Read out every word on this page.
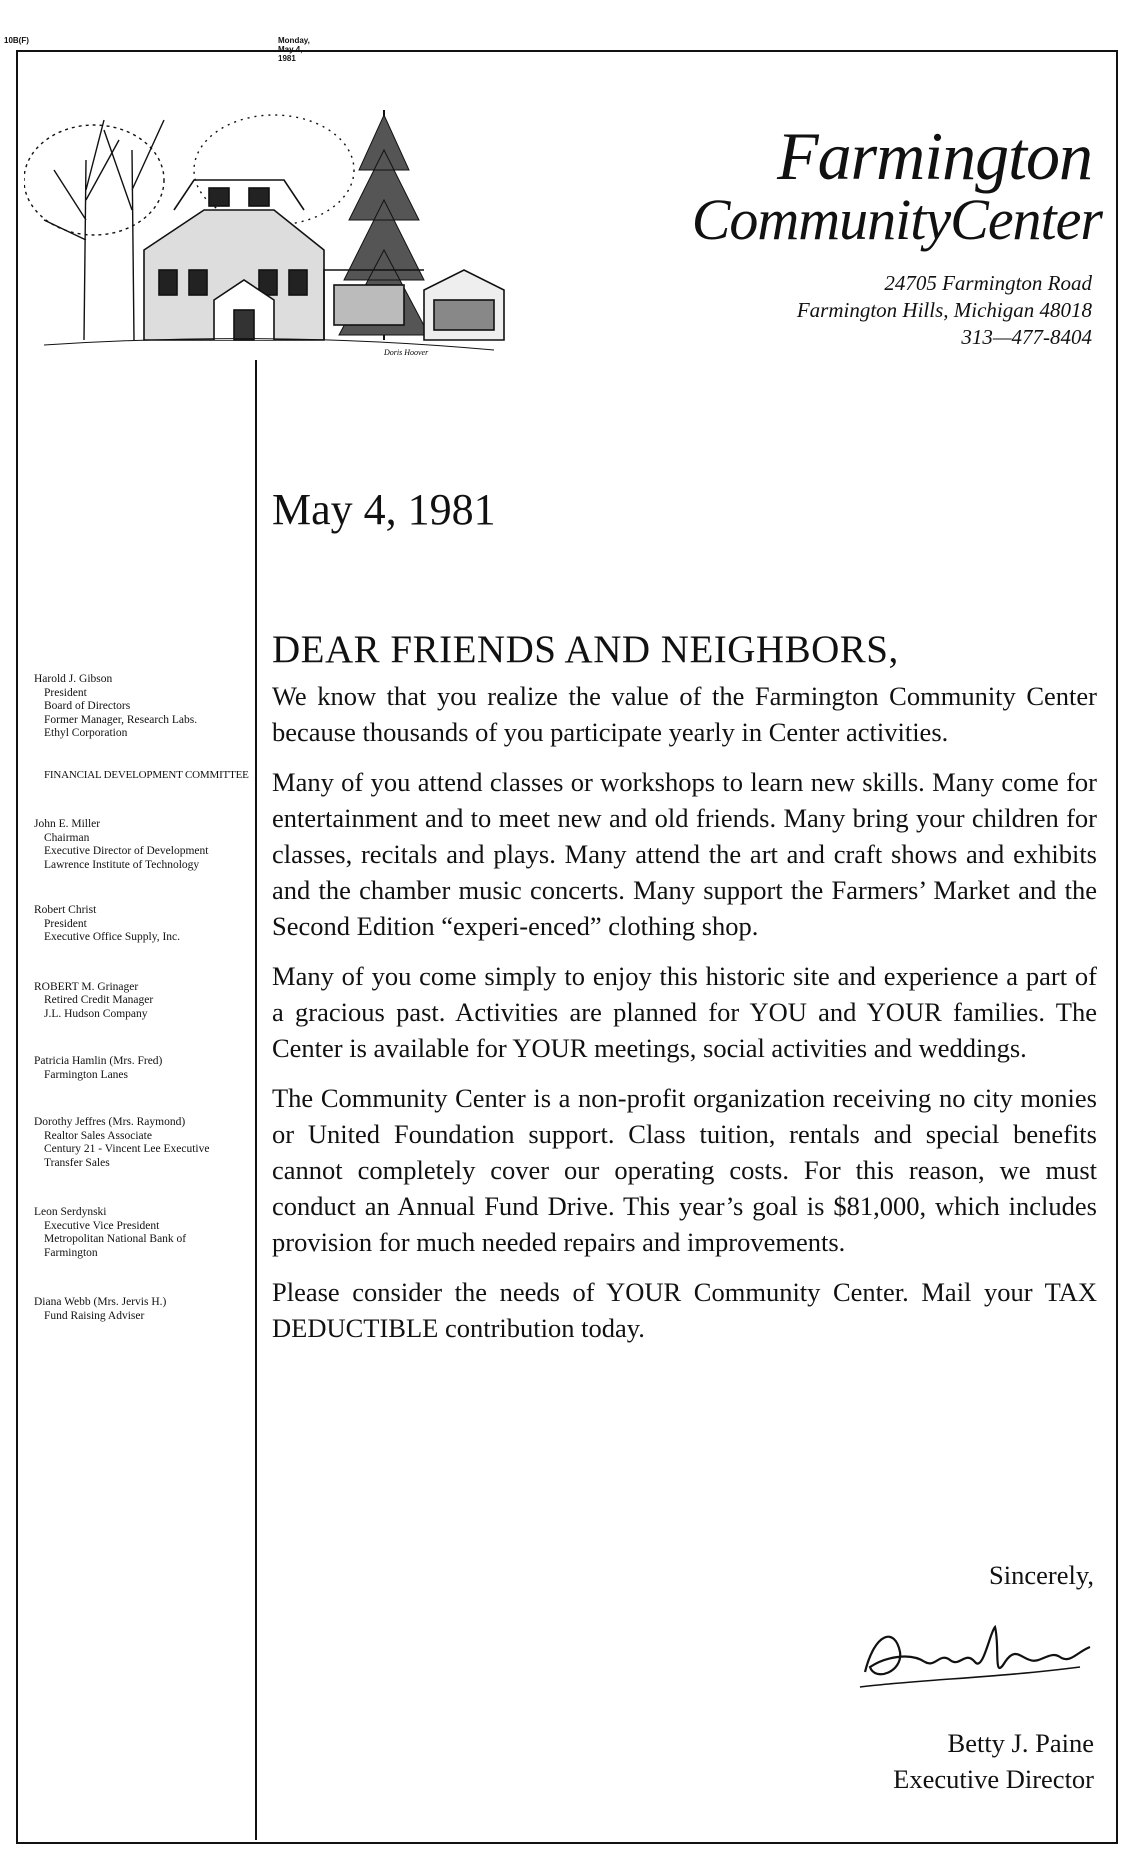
10B(F)	Monday, May 4, 1981
Doris Hoover
Farmington
CommunityCenter
24705 Farmington Road
Farmington Hills, Michigan 48018
313—477-8404
May 4, 1981
Harold J. Gibson
President
Board of Directors
Former Manager, Research Labs.
Ethyl Corporation
FINANCIAL DEVELOPMENT COMMITTEE
John E. Miller
Chairman
Executive Director of Development
Lawrence Institute of Technology
Robert Christ
President
Executive Office Supply, Inc.
ROBERT M. Grinager
Retired Credit Manager
J.L. Hudson Company
Patricia Hamlin (Mrs. Fred)
Farmington Lanes
Dorothy Jeffres (Mrs. Raymond)
Realtor Sales Associate
Century 21 - Vincent Lee Executive
Transfer Sales
Leon Serdynski
Executive Vice President
Metropolitan National Bank of
Farmington
Diana Webb (Mrs. Jervis H.)
Fund Raising Adviser
DEAR FRIENDS AND NEIGHBORS,

We know that you realize the value of the Farmington Community Center because thousands of you participate yearly in Center activities.

Many of you attend classes or workshops to learn new skills. Many come for entertainment and to meet new and old friends. Many bring your children for classes, recitals and plays. Many attend the art and craft shows and exhibits and the chamber music concerts. Many support the Farmers’ Market and the Second Edition “experi-enced” clothing shop.

Many of you come simply to enjoy this historic site and experience a part of a gracious past. Activities are planned for YOU and YOUR families. The Center is available for YOUR meetings, social activities and weddings.

The Community Center is a non-profit organization receiving no city monies or United Foundation support. Class tuition, rentals and special benefits cannot completely cover our operating costs. For this reason, we must conduct an Annual Fund Drive. This year’s goal is $81,000, which includes provision for much needed repairs and improvements.

Please consider the needs of YOUR Community Center. Mail your TAX DEDUCTIBLE contribution today.

Sincerely,
Betty J. Paine
Executive Director
